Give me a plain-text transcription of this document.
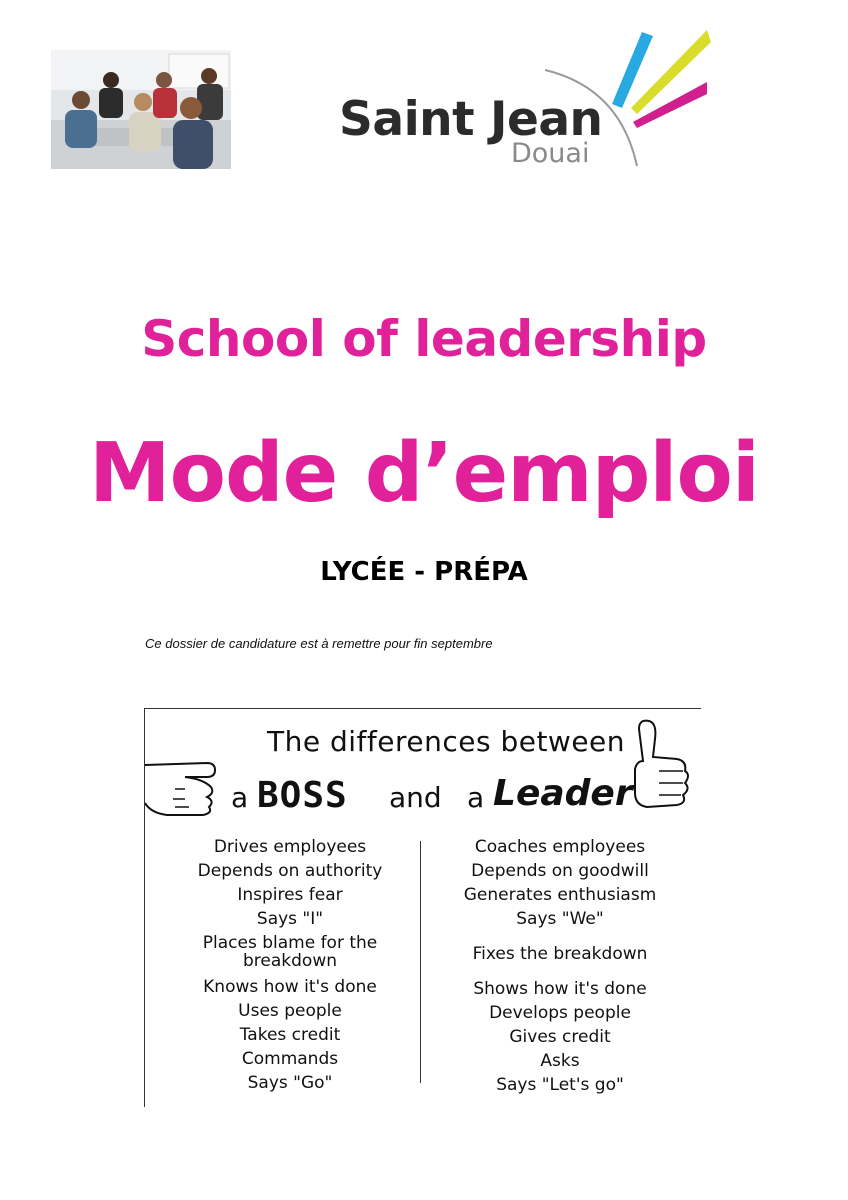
Saint Jean
Douai
School of leadership
Mode d’emploi
LYCÉE - PRÉPA
Ce dossier de candidature est à remettre pour fin septembre
The differences between
a BOSS and a Leader
Drives employees
Depends on authority
Inspires fear
Says "I"
Places blame for the breakdown
Knows how it's done
Uses people
Takes credit
Commands
Says "Go"
Coaches employees
Depends on goodwill
Generates enthusiasm
Says "We"
Fixes the breakdown
Shows how it's done
Develops people
Gives credit
Asks
Says "Let's go"
